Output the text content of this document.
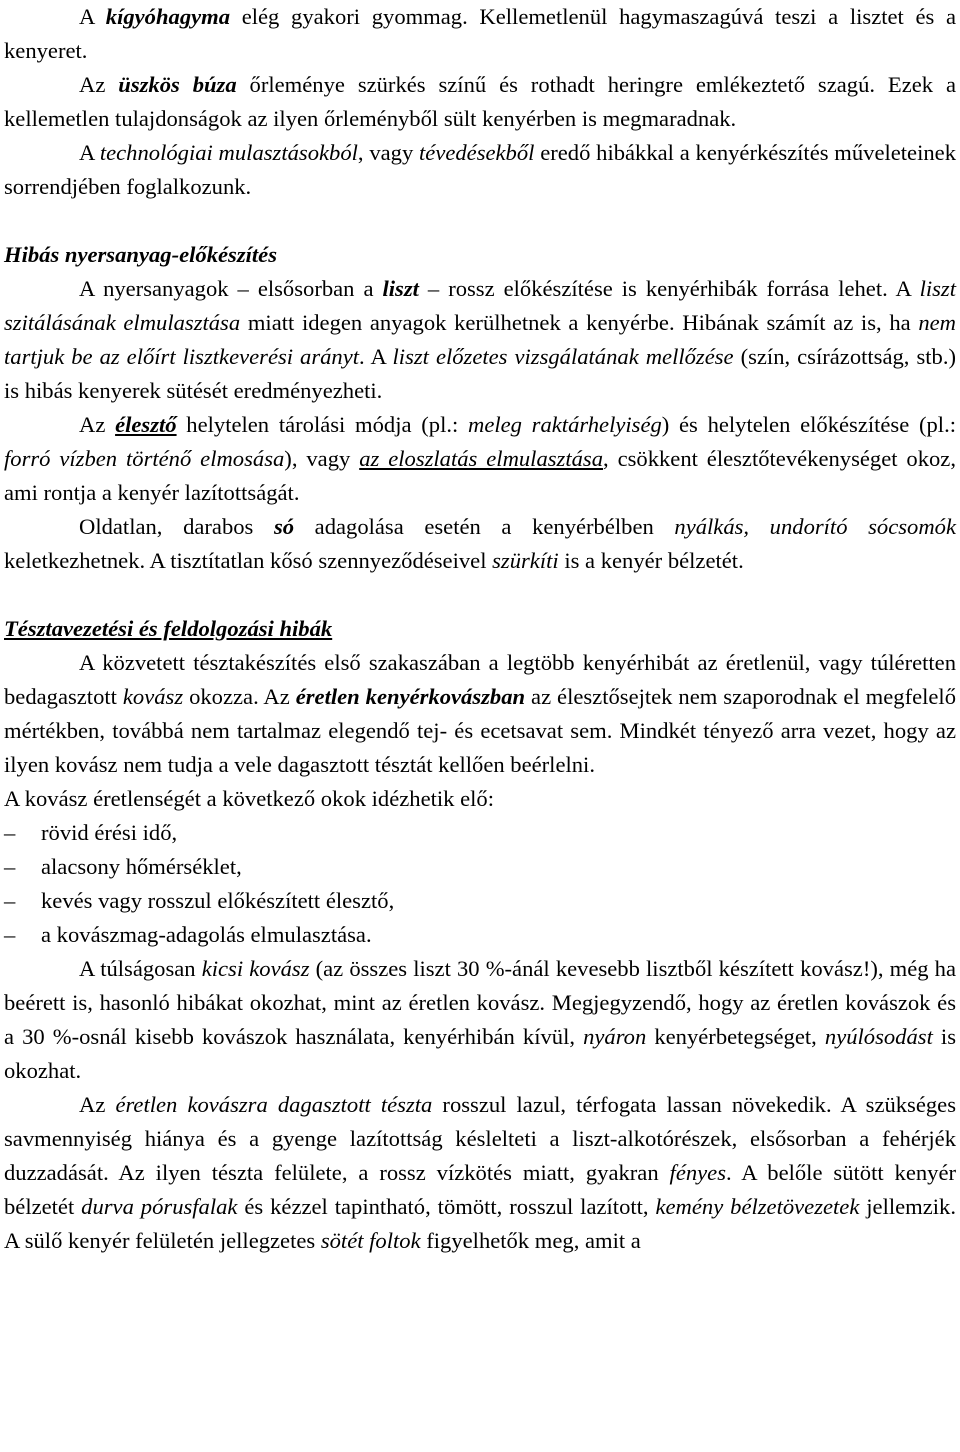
A kígyóhagyma elég gyakori gyommag. Kellemetlenül hagymaszagúvá teszi a lisztet és a kenyeret.

Az üszkös búza őrleménye szürkés színű és rothadt heringre emlékeztető szagú. Ezek a kellemetlen tulajdonságok az ilyen őrleményből sült kenyérben is megmaradnak.

A technológiai mulasztásokból, vagy tévedésekből eredő hibákkal a kenyérkészítés műveleteinek sorrendjében foglalkozunk.

Hibás nyersanyag-előkészítés

A nyersanyagok – elsősorban a liszt – rossz előkészítése is kenyérhibák forrása lehet. A liszt szitálásának elmulasztása miatt idegen anyagok kerülhetnek a kenyérbe. Hibának számít az is, ha nem tartjuk be az előírt lisztkeverési arányt. A liszt előzetes vizsgálatának mellőzése (szín, csírázottság, stb.) is hibás kenyerek sütését eredményezheti.

Az élesztő helytelen tárolási módja (pl.: meleg raktárhelyiség) és helytelen előkészítése (pl.: forró vízben történő elmosása), vagy az eloszlatás elmulasztása, csökkent élesztőtevékenységet okoz, ami rontja a kenyér lazítottságát.

Oldatlan, darabos só adagolása esetén a kenyérbélben nyálkás, undorító sócsomók keletkezhetnek. A tisztítatlan kősó szennyeződéseivel szürkíti is a kenyér bélzetét.

Tésztavezetési és feldolgozási hibák

A közvetett tésztakészítés első szakaszában a legtöbb kenyérhibát az éretlenül, vagy túléretten bedagasztott kovász okozza. Az éretlen kenyérkovászban az élesztősejtek nem szaporodnak el megfelelő mértékben, továbbá nem tartalmaz elegendő tej- és ecetsavat sem. Mindkét tényező arra vezet, hogy az ilyen kovász nem tudja a vele dagasztott tésztát kellően beérlelni.

A kovász éretlenségét a következő okok idézhetik elő:

–	rövid érési idő,
–	alacsony hőmérséklet,
–	kevés vagy rosszul előkészített élesztő,
–	a kovászmag-adagolás elmulasztása.

A túlságosan kicsi kovász (az összes liszt 30 %-ánál kevesebb lisztből készített kovász!), még ha beérett is, hasonló hibákat okozhat, mint az éretlen kovász. Megjegyzendő, hogy az éretlen kovászok és a 30 %-osnál kisebb kovászok használata, kenyérhibán kívül, nyáron kenyérbetegséget, nyúlósodást is okozhat.

Az éretlen kovászra dagasztott tészta rosszul lazul, térfogata lassan növekedik. A szükséges savmennyiség hiánya és a gyenge lazítottság késlelteti a liszt-alkotórészek, elsősorban a fehérjék duzzadását. Az ilyen tészta felülete, a rossz vízkötés miatt, gyakran fényes. A belőle sütött kenyér bélzetét durva pórusfalak és kézzel tapintható, tömött, rosszul lazított, kemény bélzetövezetek jellemzik. A sülő kenyér felületén jellegzetes sötét foltok figyelhetők meg, amit a
